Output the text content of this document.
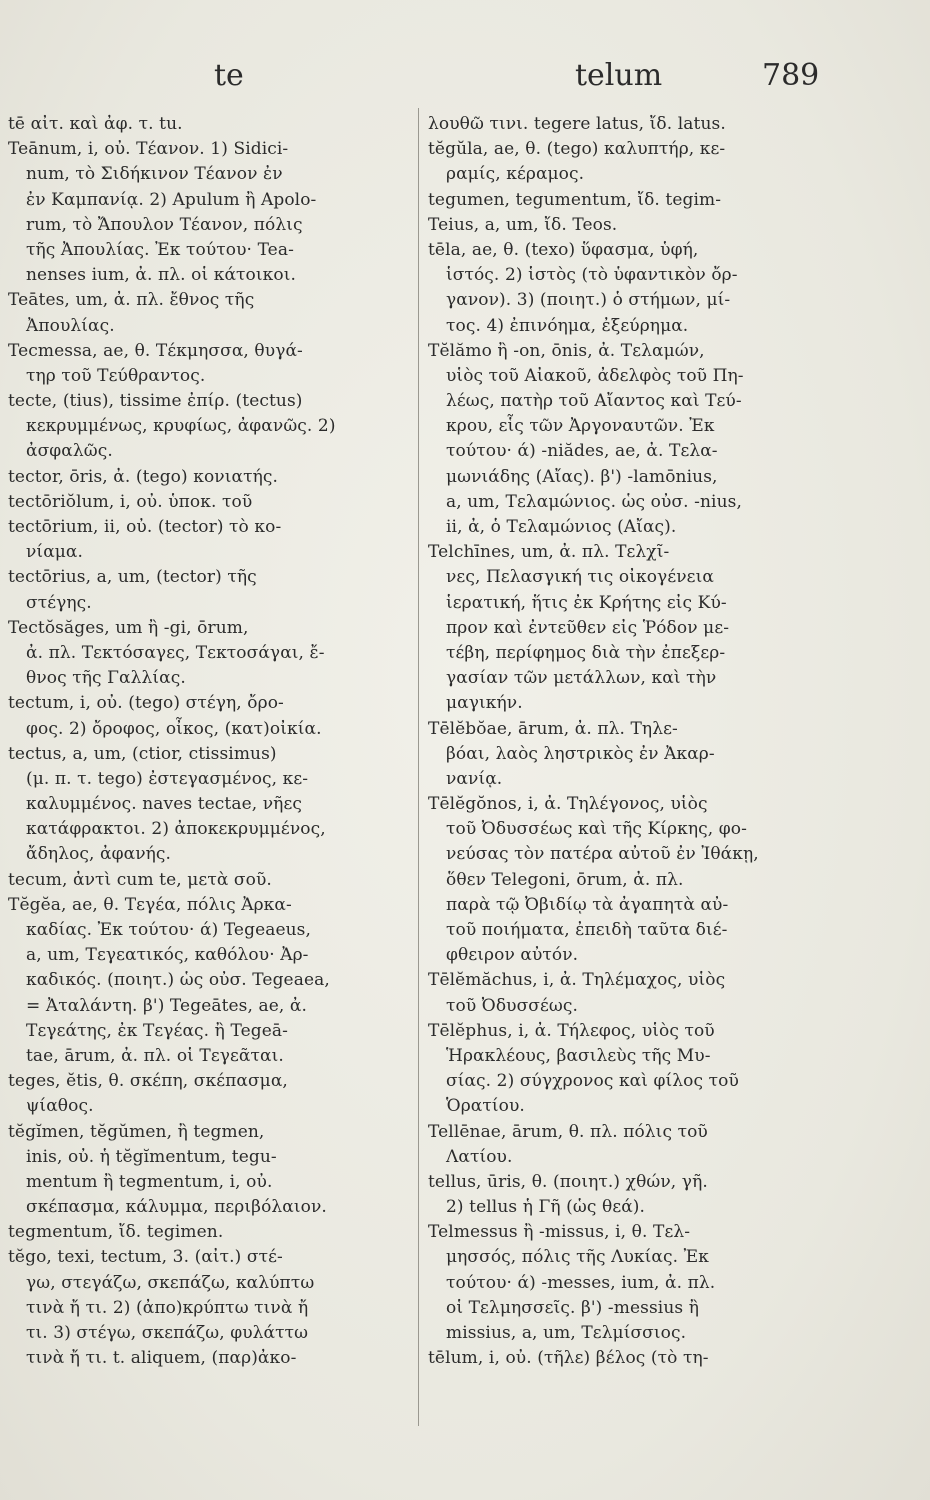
te	telum	789
tē αἰτ. καὶ ἀφ. τ. tu.
Teānum, i, οὐ. Τέανον. 1) Sidici-
num, τὸ Σιδήκινον Τέανον ἐν
ἐν Καμπανίᾳ. 2) Apulum ἢ Apolo-
rum, τὸ Ἄπουλον Τέανον, πόλις
τῆς Ἀπουλίας. Ἐκ τούτου· Tea-
nenses ium, ἀ. πλ. οἱ κάτοικοι.
Teātes, um, ἀ. πλ. ἔθνος τῆς
Ἀπουλίας.
Tecmessa, ae, θ. Τέκμησσα, θυγά-
τηρ τοῦ Τεύθραντος.
tecte, (tius), tissime ἐπίρ. (tectus)
κεκρυμμένως, κρυφίως, ἀφανῶς. 2)
ἀσφαλῶς.
tector, ōris, ἀ. (tego) κονιατής.
tectōriŏlum, i, οὐ. ὑποκ. τοῦ
tectōrium, ii, οὐ. (tector) τὸ κο-
νίαμα.
tectōrius, a, um, (tector) τῆς
στέγης.
Tectŏsăges, um ἢ -gi, ōrum,
ἀ. πλ. Τεκτόσαγες, Τεκτοσάγαι, ἔ-
θνος τῆς Γαλλίας.
tectum, i, οὐ. (tego) στέγη, ὄρο-
φος. 2) ὄροφος, οἶκος, (κατ)οἰκία.
tectus, a, um, (ctior, ctissimus)
(μ. π. τ. tego) ἐστεγασμένος, κε-
καλυμμένος. naves tectae, νῆες
κατάφρακτοι. 2) ἀποκεκρυμμένος,
ἄδηλος, ἀφανής.
tecum, ἀντὶ cum te, μετὰ σοῦ.
Tĕgĕa, ae, θ. Τεγέα, πόλις Ἀρκα-
καδίας. Ἐκ τούτου· ά) Tegeaeus,
a, um, Τεγεατικός, καθόλου· Ἀρ-
καδικός. (ποιητ.) ὡς οὐσ. Tegeaea,
= Ἀταλάντη. β') Tegeātes, ae, ἀ.
Τεγεάτης, ἐκ Τεγέας. ἢ Tegeā-
tae, ārum, ἀ. πλ. οἱ Τεγεᾶται.
teges, ĕtis, θ. σκέπη, σκέπασμα,
ψίαθος.
tĕgĭmen, tĕgŭmen, ἢ tegmen,
inis, οὐ. ἡ tĕgĭmentum, tegu-
mentum ἢ tegmentum, i, οὐ.
σκέπασμα, κάλυμμα, περιβόλαιον.
tegmentum, ἴδ. tegimen.
tĕgo, texi, tectum, 3. (αἰτ.) στέ-
γω, στεγάζω, σκεπάζω, καλύπτω
τινὰ ἤ τι. 2) (ἀπο)κρύπτω τινὰ ἤ
τι. 3) στέγω, σκεπάζω, φυλάττω
τινὰ ἤ τι. t. aliquem, (παρ)ἀκο-
λουθῶ τινι. tegere latus, ἴδ. latus.
tĕgŭla, ae, θ. (tego) καλυπτήρ, κε-
ραμίς, κέραμος.
tegumen, tegumentum, ἴδ. tegim-
Teius, a, um, ἴδ. Teos.
tēla, ae, θ. (texo) ὕφασμα, ὑφή,
ἱστός. 2) ἱστὸς (τὸ ὑφαντικὸν ὄρ-
γανον). 3) (ποιητ.) ὁ στήμων, μί-
τος. 4) ἐπινόημα, ἐξεύρημα.
Tĕlămo ἢ -on, ōnis, ἀ. Τελαμών,
υἱὸς τοῦ Αἰακοῦ, ἀδελφὸς τοῦ Πη-
λέως, πατὴρ τοῦ Αἴαντος καὶ Τεύ-
κρου, εἷς τῶν Ἀργοναυτῶν. Ἐκ
τούτου· ά) -niădes, ae, ἀ. Τελα-
μωνιάδης (Αἴας). β') -lamōnius,
a, um, Τελαμώνιος. ὡς οὐσ. -nius,
ii, ἀ, ὁ Τελαμώνιος (Αἴας).
Telchīnes, um, ἀ. πλ. Τελχῖ-
νες, Πελασγική τις οἰκογένεια
ἱερατική, ἥτις ἐκ Κρήτης εἰς Κύ-
προν καὶ ἐντεῦθεν εἰς Ῥόδον με-
τέβη, περίφημος διὰ τὴν ἐπεξερ-
γασίαν τῶν μετάλλων, καὶ τὴν
μαγικήν.
Tēlĕbŏae, ārum, ἀ. πλ. Τηλε-
βόαι, λαὸς ληστρικὸς ἐν Ἀκαρ-
νανίᾳ.
Tēlĕgŏnos, i, ἀ. Τηλέγονος, υἱὸς
τοῦ Ὀδυσσέως καὶ τῆς Κίρκης, φο-
νεύσας τὸν πατέρα αὐτοῦ ἐν Ἰθάκῃ,
ὅθεν Telegoni, ōrum, ἀ. πλ.
παρὰ τῷ Ὀβιδίῳ τὰ ἀγαπητὰ αὐ-
τοῦ ποιήματα, ἐπειδὴ ταῦτα διέ-
φθειρον αὐτόν.
Tēlĕmăchus, i, ἀ. Τηλέμαχος, υἱὸς
τοῦ Ὀδυσσέως.
Tēlĕphus, i, ἀ. Τήλεφος, υἱὸς τοῦ
Ἡρακλέους, βασιλεὺς τῆς Μυ-
σίας. 2) σύγχρονος καὶ φίλος τοῦ
Ὁρατίου.
Tellēnae, ārum, θ. πλ. πόλις τοῦ
Λατίου.
tellus, ūris, θ. (ποιητ.) χθών, γῆ.
2) tellus ἡ Γῆ (ὡς θεά).
Telmessus ἢ -missus, i, θ. Τελ-
μησσός, πόλις τῆς Λυκίας. Ἐκ
τούτου· ά) -messes, ium, ἀ. πλ.
οἱ Τελμησσεῖς. β') -messius ἢ
missius, a, um, Τελμίσσιος.
tēlum, i, οὐ. (τῆλε) βέλος (τὸ τη-
